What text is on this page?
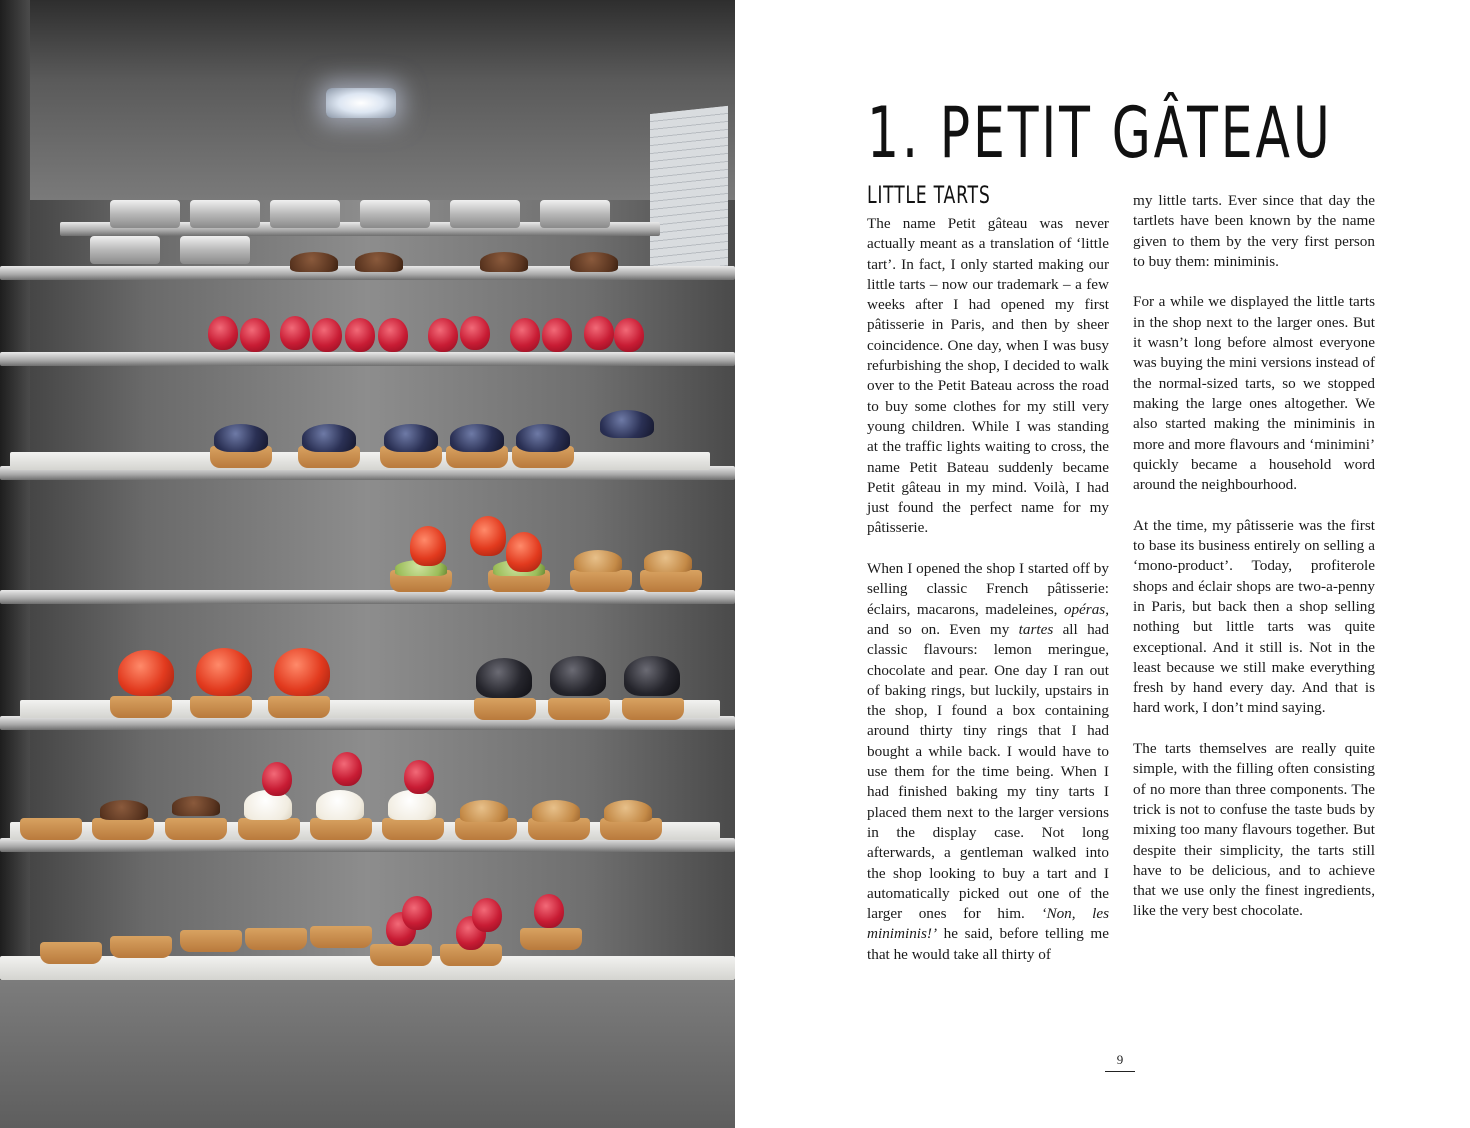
1. PETIT GÂTEAU
LITTLE TARTS

The name Petit gâteau was never actually meant as a translation of ‘little tart’. In fact, I only started making our little tarts – now our trademark – a few weeks after I had opened my first pâtisserie in Paris, and then by sheer coincidence. One day, when I was busy refurbishing the shop, I decided to walk over to the Petit Bateau across the road to buy some clothes for my still very young children. While I was standing at the traffic lights waiting to cross, the name Petit Bateau suddenly became Petit gâteau in my mind. Voilà, I had just found the perfect name for my pâtisserie.

When I opened the shop I started off by selling classic French pâtisserie: éclairs, macarons, madeleines, opéras, and so on. Even my tartes all had classic flavours: lemon meringue, chocolate and pear. One day I ran out of baking rings, but luckily, upstairs in the shop, I found a box containing around thirty tiny rings that I had bought a while back. I would have to use them for the time being. When I had finished baking my tiny tarts I placed them next to the larger versions in the display case. Not long afterwards, a gentleman walked into the shop looking to buy a tart and I automatically picked out one of the larger ones for him. ‘Non, les miniminis!’ he said, before telling me that he would take all thirty of

my little tarts. Ever since that day the tartlets have been known by the name given to them by the very first person to buy them: miniminis.

For a while we displayed the little tarts in the shop next to the larger ones. But it wasn’t long before almost everyone was buying the mini versions instead of the normal-sized tarts, so we stopped making the large ones altogether. We also started making the miniminis in more and more flavours and ‘minimini’ quickly became a household word around the neighbourhood.

At the time, my pâtisserie was the first to base its business entirely on selling a ‘mono-product’. Today, profiterole shops and éclair shops are two-a-penny in Paris, but back then a shop selling nothing but little tarts was quite exceptional. And it still is. Not in the least because we still make everything fresh by hand every day. And that is hard work, I don’t mind saying.

The tarts themselves are really quite simple, with the filling often consisting of no more than three components. The trick is not to confuse the taste buds by mixing too many flavours together. But despite their simplicity, the tarts still have to be delicious, and to achieve that we use only the finest ingredients, like the very best chocolate.

9
